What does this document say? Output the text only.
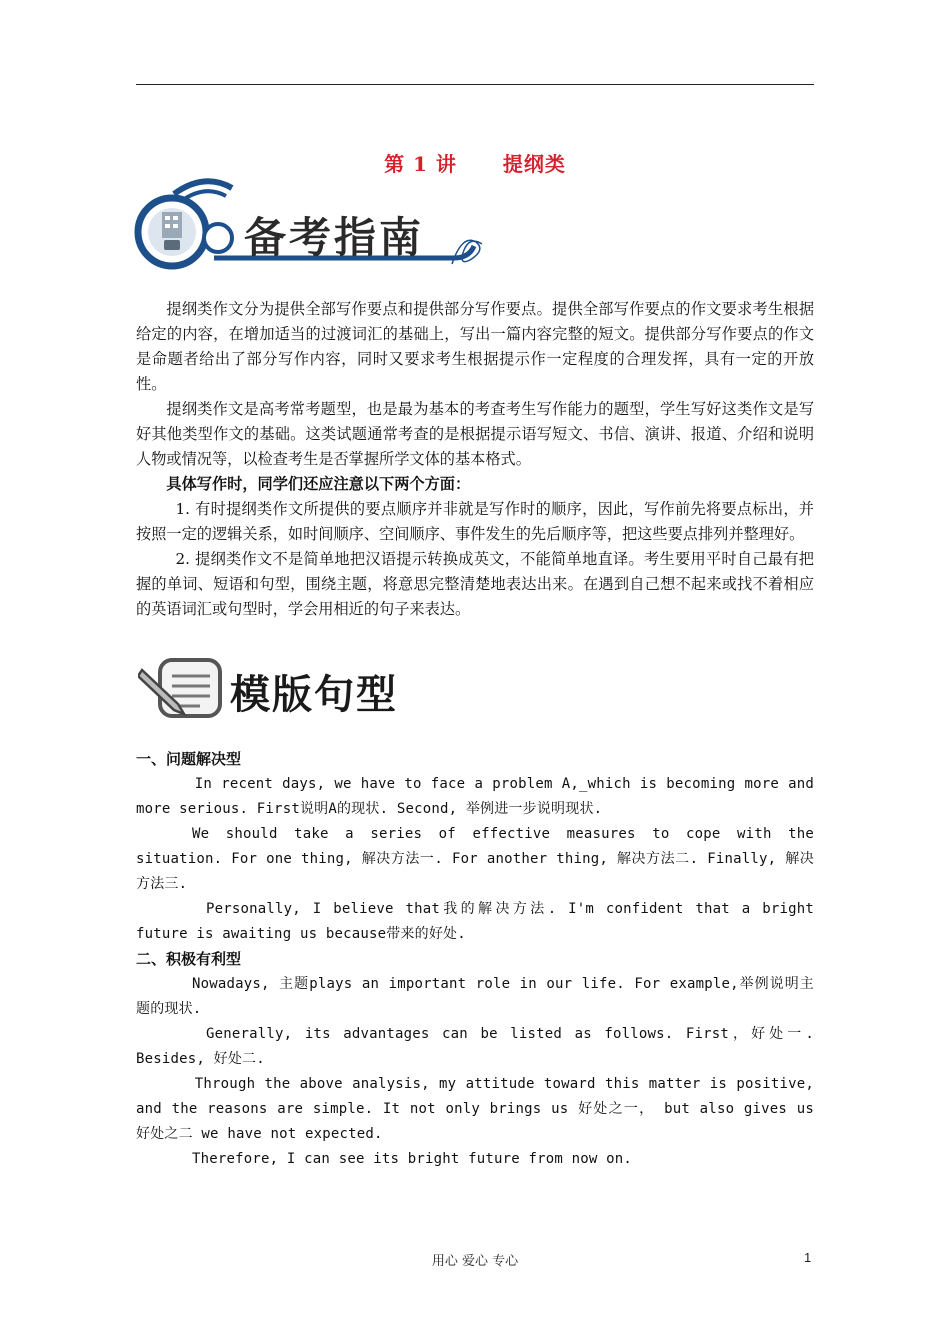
第 1 讲 提纲类
备考指南

提纲类作文分为提供全部写作要点和提供部分写作要点。提供全部写作要点的作文要求考生根据给定的内容，在增加适当的过渡词汇的基础上，写出一篇内容完整的短文。提供部分写作要点的作文是命题者给出了部分写作内容，同时又要求考生根据提示作一定程度的合理发挥，具有一定的开放性。

提纲类作文是高考常考题型，也是最为基本的考查考生写作能力的题型，学生写好这类作文是写好其他类型作文的基础。这类试题通常考查的是根据提示语写短文、书信、演讲、报道、介绍和说明人物或情况等，以检查考生是否掌握所学文体的基本格式。

具体写作时，同学们还应注意以下两个方面：

1. 有时提纲类作文所提供的要点顺序并非就是写作时的顺序，因此，写作前先将要点标出，并按照一定的逻辑关系，如时间顺序、空间顺序、事件发生的先后顺序等，把这些要点排列并整理好。

2. 提纲类作文不是简单地把汉语提示转换成英文，不能简单地直译。考生要用平时自己最有把握的单词、短语和句型，围绕主题，将意思完整清楚地表达出来。在遇到自己想不起来或找不着相应的英语词汇或句型时，学会用相近的句子来表达。

模版句型

一、问题解决型

In recent days, we have to face a problem A,_which is becoming more and more serious. First说明A的现状. Second, 举例进一步说明现状.

We should take a series of effective measures to cope with the situation. For one thing, 解决方法一. For another thing, 解决方法二. Finally, 解决方法三.

Personally, I believe that我的解决方法. I'm confident that a bright future is awaiting us because带来的好处.

二、积极有利型

Nowadays, 主题plays an important role in our life. For example,举例说明主题的现状.

Generally, its advantages can be listed as follows. First，好处一. Besides, 好处二.

Through the above analysis, my attitude toward this matter is positive, and the reasons are simple. It not only brings us 好处之一， but also gives us 好处之二 we have not expected.

Therefore, I can see its bright future from now on.

用心 爱心 专心	1
